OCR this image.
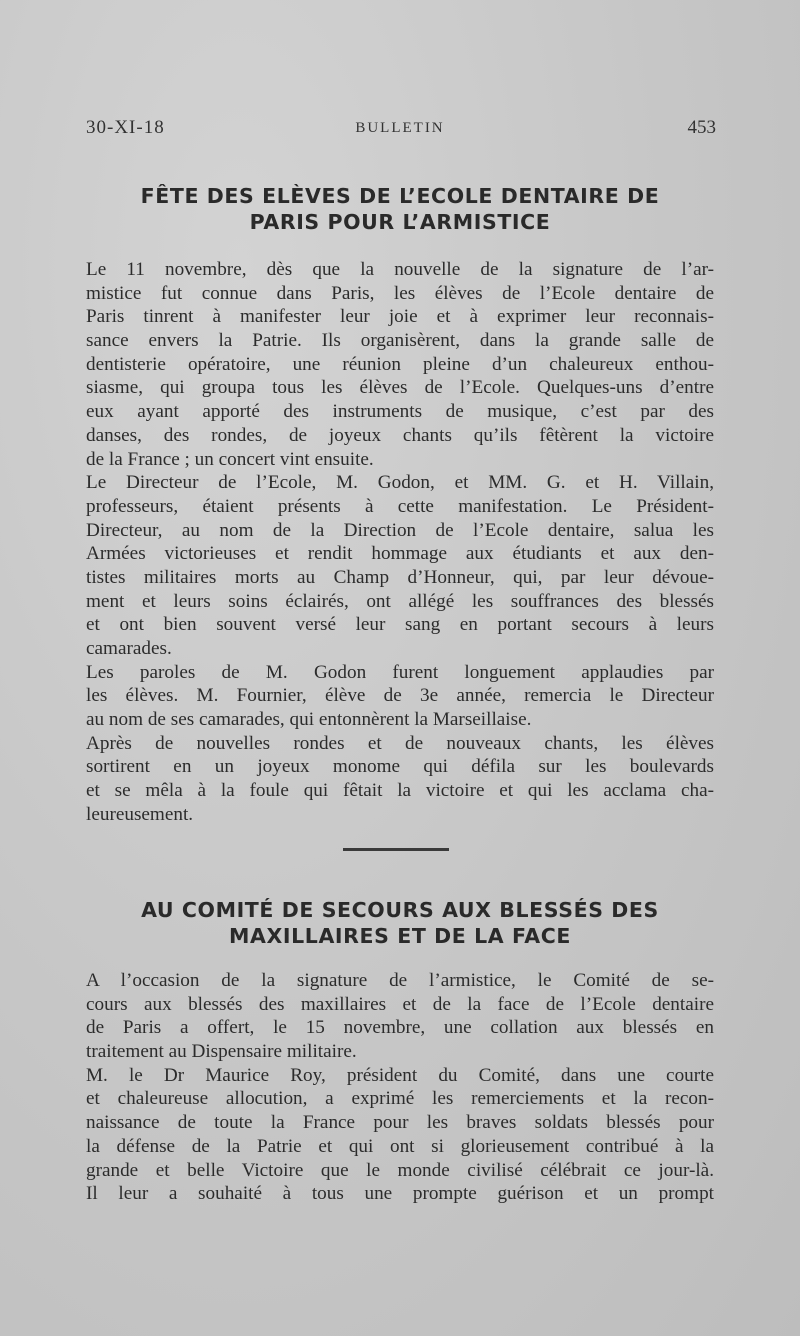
30-XI-18	BULLETIN	453
FÊTE DES ELÈVES DE L’ECOLE DENTAIRE DE
PARIS POUR L’ARMISTICE
Le 11 novembre, dès que la nouvelle de la signature de l’ar-
mistice fut connue dans Paris, les élèves de l’Ecole dentaire de
Paris tinrent à manifester leur joie et à exprimer leur reconnais-
sance envers la Patrie. Ils organisèrent, dans la grande salle de
dentisterie opératoire, une réunion pleine d’un chaleureux enthou-
siasme, qui groupa tous les élèves de l’Ecole. Quelques-uns d’entre
eux ayant apporté des instruments de musique, c’est par des
danses, des rondes, de joyeux chants qu’ils fêtèrent la victoire
de la France ; un concert vint ensuite.
Le Directeur de l’Ecole, M. Godon, et MM. G. et H. Villain,
professeurs, étaient présents à cette manifestation. Le Président-
Directeur, au nom de la Direction de l’Ecole dentaire, salua les
Armées victorieuses et rendit hommage aux étudiants et aux den-
tistes militaires morts au Champ d’Honneur, qui, par leur dévoue-
ment et leurs soins éclairés, ont allégé les souffrances des blessés
et ont bien souvent versé leur sang en portant secours à leurs
camarades.
Les paroles de M. Godon furent longuement applaudies par
les élèves. M. Fournier, élève de 3e année, remercia le Directeur
au nom de ses camarades, qui entonnèrent la Marseillaise.
Après de nouvelles rondes et de nouveaux chants, les élèves
sortirent en un joyeux monome qui défila sur les boulevards
et se mêla à la foule qui fêtait la victoire et qui les acclama cha-
leureusement.
AU COMITÉ DE SECOURS AUX BLESSÉS DES
MAXILLAIRES ET DE LA FACE
A l’occasion de la signature de l’armistice, le Comité de se-
cours aux blessés des maxillaires et de la face de l’Ecole dentaire
de Paris a offert, le 15 novembre, une collation aux blessés en
traitement au Dispensaire militaire.
M. le Dr Maurice Roy, président du Comité, dans une courte
et chaleureuse allocution, a exprimé les remerciements et la recon-
naissance de toute la France pour les braves soldats blessés pour
la défense de la Patrie et qui ont si glorieusement contribué à la
grande et belle Victoire que le monde civilisé célébrait ce jour-là.
Il leur a souhaité à tous une prompte guérison et un prompt
